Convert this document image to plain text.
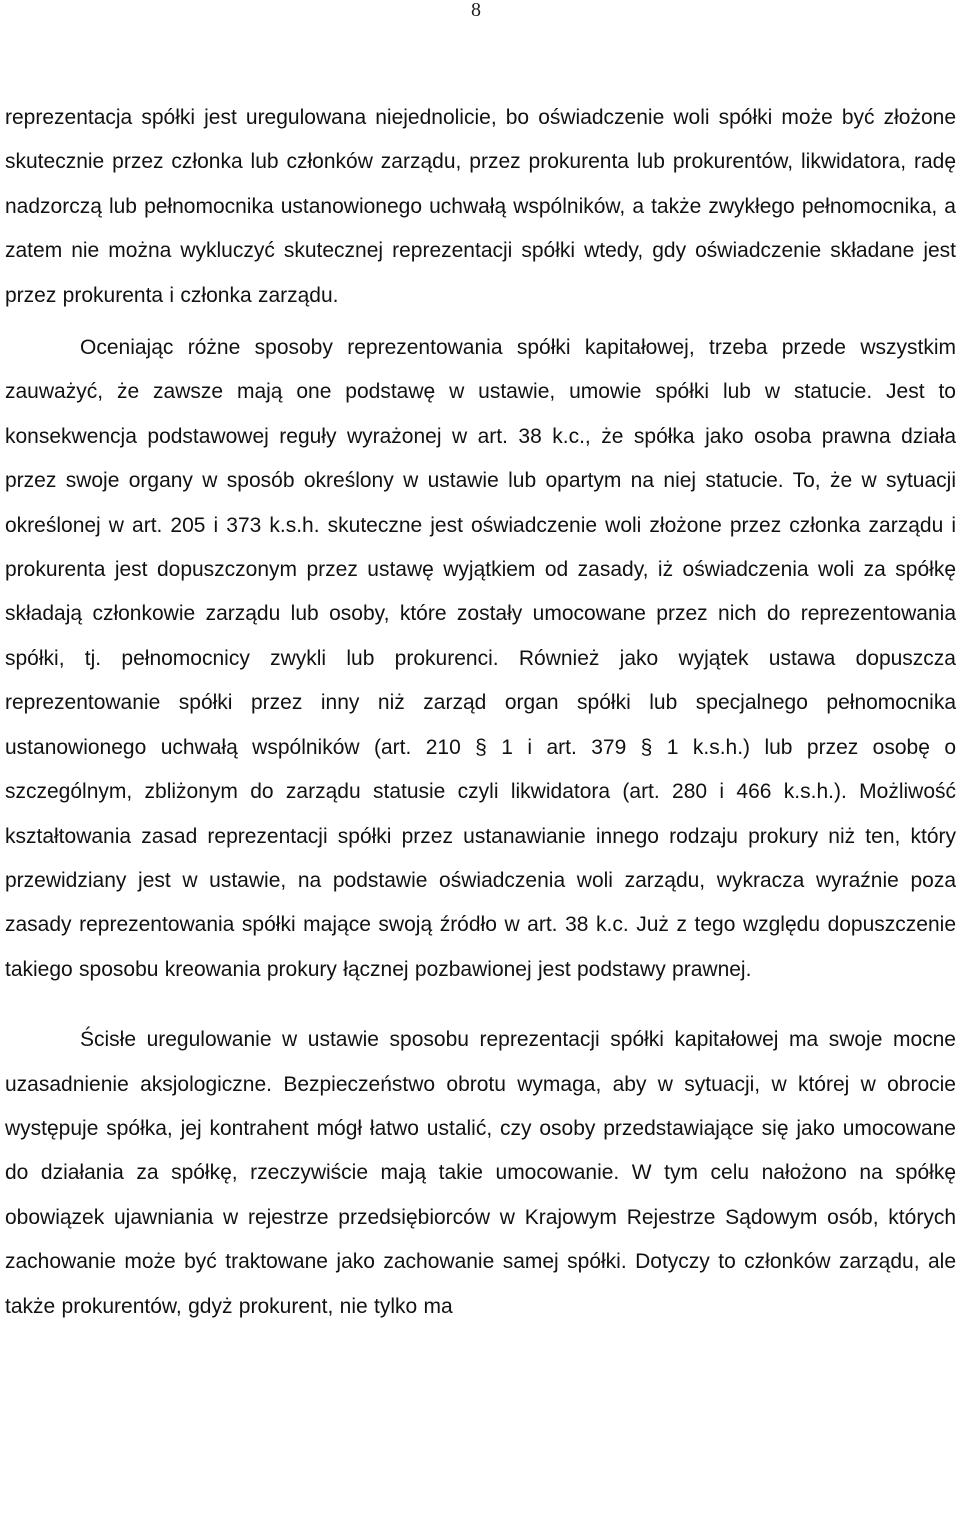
8

reprezentacja spółki jest uregulowana niejednolicie, bo oświadczenie woli spółki może być złożone skutecznie przez członka lub członków zarządu, przez prokurenta lub prokurentów, likwidatora, radę nadzorczą lub pełnomocnika ustanowionego uchwałą wspólników, a także zwykłego pełnomocnika, a zatem nie można wykluczyć skutecznej reprezentacji spółki wtedy, gdy oświadczenie składane jest przez prokurenta i członka zarządu.

Oceniając różne sposoby reprezentowania spółki kapitałowej, trzeba przede wszystkim zauważyć, że zawsze mają one podstawę w ustawie, umowie spółki lub w statucie. Jest to konsekwencja podstawowej reguły wyrażonej w art. 38 k.c., że spółka jako osoba prawna działa przez swoje organy w sposób określony w ustawie lub opartym na niej statucie. To, że w sytuacji określonej w art. 205 i 373 k.s.h. skuteczne jest oświadczenie woli złożone przez członka zarządu i prokurenta jest dopuszczonym przez ustawę wyjątkiem od zasady, iż oświadczenia woli za spółkę składają członkowie zarządu lub osoby, które zostały umocowane przez nich do reprezentowania spółki, tj. pełnomocnicy zwykli lub prokurenci. Również jako wyjątek ustawa dopuszcza reprezentowanie spółki przez inny niż zarząd organ spółki lub specjalnego pełnomocnika ustanowionego uchwałą wspólników (art. 210 § 1 i art. 379 § 1 k.s.h.) lub przez osobę o szczególnym, zbliżonym do zarządu statusie czyli likwidatora (art. 280 i 466 k.s.h.). Możliwość kształtowania zasad reprezentacji spółki przez ustanawianie innego rodzaju prokury niż ten, który przewidziany jest w ustawie, na podstawie oświadczenia woli zarządu, wykracza wyraźnie poza zasady reprezentowania spółki mające swoją źródło w art. 38 k.c. Już z tego względu dopuszczenie takiego sposobu kreowania prokury łącznej pozbawionej jest podstawy prawnej.

Ścisłe uregulowanie w ustawie sposobu reprezentacji spółki kapitałowej ma swoje mocne uzasadnienie aksjologiczne. Bezpieczeństwo obrotu wymaga, aby w sytuacji, w której w obrocie występuje spółka, jej kontrahent mógł łatwo ustalić, czy osoby przedstawiające się jako umocowane do działania za spółkę, rzeczywiście mają takie umocowanie. W tym celu nałożono na spółkę obowiązek ujawniania w rejestrze przedsiębiorców w Krajowym Rejestrze Sądowym osób, których zachowanie może być traktowane jako zachowanie samej spółki. Dotyczy to członków zarządu, ale także prokurentów, gdyż prokurent, nie tylko ma
